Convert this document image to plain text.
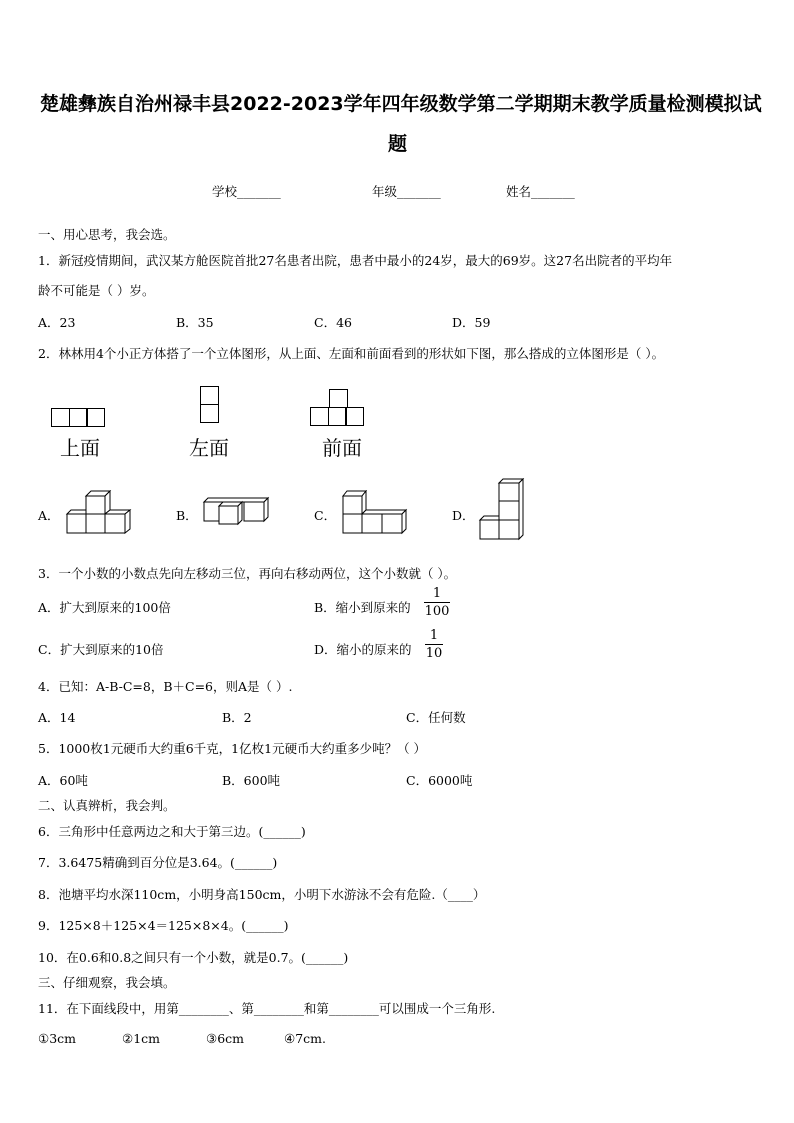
楚雄彝族自治州禄丰县2022-2023学年四年级数学第二学期期末教学质量检测模拟试
题
学校_______	年级_______	姓名_______
一、用心思考，我会选。
1．新冠疫情期间，武汉某方舱医院首批27名患者出院，患者中最小的24岁，最大的69岁。这27名出院者的平均年
龄不可能是（ ）岁。
A．23	B．35	C．46	D．59
2．林林用4个小正方体搭了一个立体图形，从上面、左面和前面看到的形状如下图，那么搭成的立体图形是（ ）。
上面	左面	前面
A．	B．	C．	D．
3．一个小数的小数点先向左移动三位，再向右移动两位，这个小数就（ ）。
A．扩大到原来的100倍	B．缩小到原来的
1
100
C．扩大到原来的10倍	D．缩小的原来的
1
10
4．已知：A-B-C=8，B＋C=6，则A是（ ）.
A．14	B．2	C．任何数
5．1000枚1元硬币大约重6千克，1亿枚1元硬币大约重多少吨？（ ）
A．60吨	B．600吨	C．6000吨
二、认真辨析，我会判。
6．三角形中任意两边之和大于第三边。(______)
7．3.6475精确到百分位是3.64。(______)
8．池塘平均水深110cm，小明身高150cm，小明下水游泳不会有危险.（____）
9．125×8＋125×4＝125×8×4。(______)
10．在0.6和0.8之间只有一个小数，就是0.7。(______)
三、仔细观察，我会填。
11．在下面线段中，用第________、第________和第________可以围成一个三角形.
①3cm	②1cm	③6cm	④7cm.
